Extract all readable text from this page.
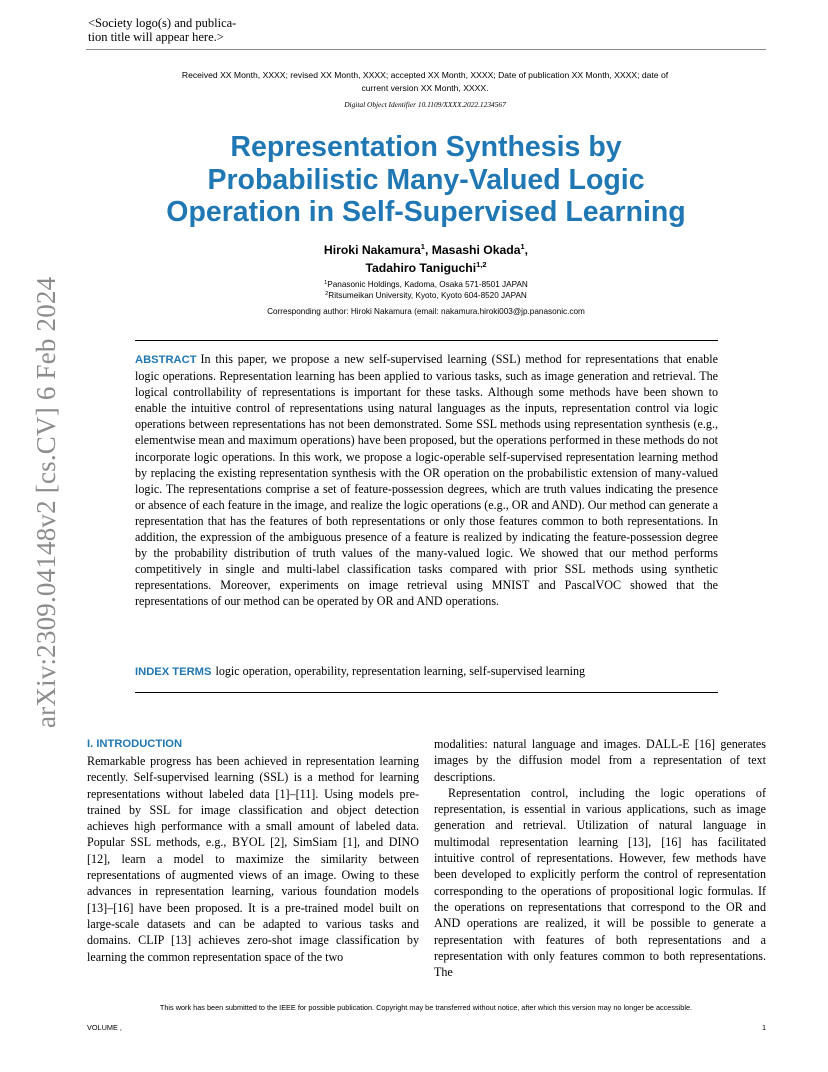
<Society logo(s) and publica-
tion title will appear here.>
Received XX Month, XXXX; revised XX Month, XXXX; accepted XX Month, XXXX; Date of publication XX Month, XXXX; date of
current version XX Month, XXXX.
Digital Object Identifier 10.1109/XXXX.2022.1234567
Representation Synthesis by
Probabilistic Many-Valued Logic
Operation in Self-Supervised Learning
Hiroki Nakamura$^1$, Masashi Okada$^1$,
Tadahiro Taniguchi$^{1,2}$
$^1$Panasonic Holdings, Kadoma, Osaka 571-8501 JAPAN
$^2$Ritsumeikan University, Kyoto, Kyoto 604-8520 JAPAN
Corresponding author: Hiroki Nakamura (email: nakamura.hiroki003@jp.panasonic.com

ABSTRACT In this paper, we propose a new self-supervised learning (SSL) method for representations that enable logic operations. Representation learning has been applied to various tasks, such as image generation and retrieval. The logical controllability of representations is important for these tasks. Although some methods have been shown to enable the intuitive control of representations using natural languages as the inputs, representation control via logic operations between representations has not been demonstrated. Some SSL methods using representation synthesis (e.g., elementwise mean and maximum operations) have been proposed, but the operations performed in these methods do not incorporate logic operations. In this work, we propose a logic-operable self-supervised representation learning method by replacing the existing representation synthesis with the OR operation on the probabilistic extension of many-valued logic. The representations comprise a set of feature-possession degrees, which are truth values indicating the presence or absence of each feature in the image, and realize the logic operations (e.g., OR and AND). Our method can generate a representation that has the features of both representations or only those features common to both representations. In addition, the expression of the ambiguous presence of a feature is realized by indicating the feature-possession degree by the probability distribution of truth values of the many-valued logic. We showed that our method performs competitively in single and multi-label classification tasks compared with prior SSL methods using synthetic representations. Moreover, experiments on image retrieval using MNIST and PascalVOC showed that the representations of our method can be operated by OR and AND operations.

INDEX TERMS logic operation, operability, representation learning, self-supervised learning

arXiv:2309.04148v2 [cs.CV] 6 Feb 2024
I. INTRODUCTION

Remarkable progress has been achieved in representation learning recently. Self-supervised learning (SSL) is a method for learning representations without labeled data [1]–[11]. Using models pre-trained by SSL for image classification and object detection achieves high performance with a small amount of labeled data. Popular SSL methods, e.g., BYOL [2], SimSiam [1], and DINO [12], learn a model to maximize the similarity between representations of augmented views of an image. Owing to these advances in representation learning, various foundation models [13]–[16] have been proposed. It is a pre-trained model built on large-scale datasets and can be adapted to various tasks and domains. CLIP [13] achieves zero-shot image classification by learning the common representation space of the two

modalities: natural language and images. DALL-E [16] generates images by the diffusion model from a representation of text descriptions.

Representation control, including the logic operations of representation, is essential in various applications, such as image generation and retrieval. Utilization of natural language in multimodal representation learning [13], [16] has facilitated intuitive control of representations. However, few methods have been developed to explicitly perform the control of representation corresponding to the operations of propositional logic formulas. If the operations on representations that correspond to the OR and AND operations are realized, it will be possible to generate a representation with features of both representations and a representation with only features common to both representations. The

This work has been submitted to the IEEE for possible publication. Copyright may be transferred without notice, after which this version may no longer be accessible.
VOLUME ,	1
